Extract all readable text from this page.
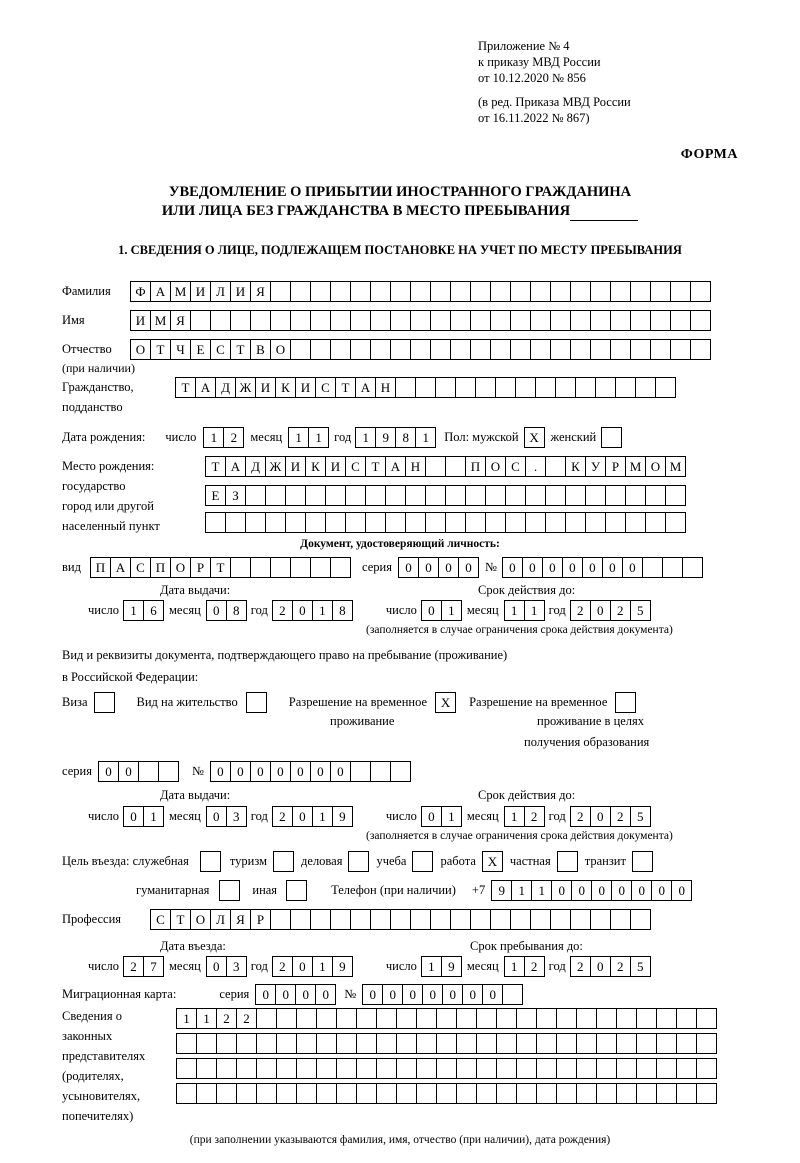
Приложение № 4
к приказу МВД России
от 10.12.2020 № 856
(в ред. Приказа МВД России
от 16.11.2022 № 867)
ФОРМА
УВЕДОМЛЕНИЕ О ПРИБЫТИИ ИНОСТРАННОГО ГРАЖДАНИНА
ИЛИ ЛИЦА БЕЗ ГРАЖДАНСТВА В МЕСТО ПРЕБЫВАНИЯ
1. СВЕДЕНИЯ О ЛИЦЕ, ПОДЛЕЖАЩЕМ ПОСТАНОВКЕ НА УЧЕТ ПО МЕСТУ ПРЕБЫВАНИЯ
Фамилия	Ф А М И Л И Я
Имя	И М Я
Отчество	О Т Ч Е С Т В О
(при наличии)
Гражданство,	Т А Д Ж И К И С Т А Н
подданство
Дата рождения: число	1	2	месяц	1	1 год 1	9	8	1	Пол: мужской Х женский
Место рождения:	Т А Д Ж И К И С Т А Н	П О С	.	К У Р М О М
государство
Е З
город или другой
населенный пункт
Документ, удостоверяющий личность:
вид	П А С П О Р Т	серия	0	0	0	0	№ 0	0	0	0	0	0	0
Дата выдачи:	Срок действия до:
число 1	6 месяц 0	8 год 2	0	1	8	число 0	1 месяц 1	1 год 2	0	2	5
(заполняется в случае ограничения срока действия документа)
Вид и реквизиты документа, подтверждающего право на пребывание (проживание)
в Российской Федерации:
Виза	Вид на жительство	Разрешение на временное	Х	Разрешение на временное
проживание	проживание в целях
получения образования
серия	0	0	№	0	0	0	0	0	0	0
Дата выдачи:	Срок действия до:
число 0	1 месяц 0	3 год 2	0	1	9	число 0	1 месяц 1	2 год 2	0	2	5
(заполняется в случае ограничения срока действия документа)
Цель въезда: служебная	туризм	деловая	учеба	работа Х	частная	транзит
гуманитарная	иная	Телефон (при наличии) +7	9	1	1	0	0	0	0	0	0	0
Профессия	С Т О Л Я Р
Дата въезда:	Срок пребывания до:
число 2	7 месяц 0	3 год 2	0	1	9	число 1	9 месяц 1	2 год 2	0	2	5
Миграционная карта:	серия	0	0	0	0	№	0	0	0	0	0	0	0
Сведения о
законных
представителях
(родителях,
усыновителях,
попечителях)
1	1	2	2
(при заполнении указываются фамилия, имя, отчество (при наличии), дата рождения)
